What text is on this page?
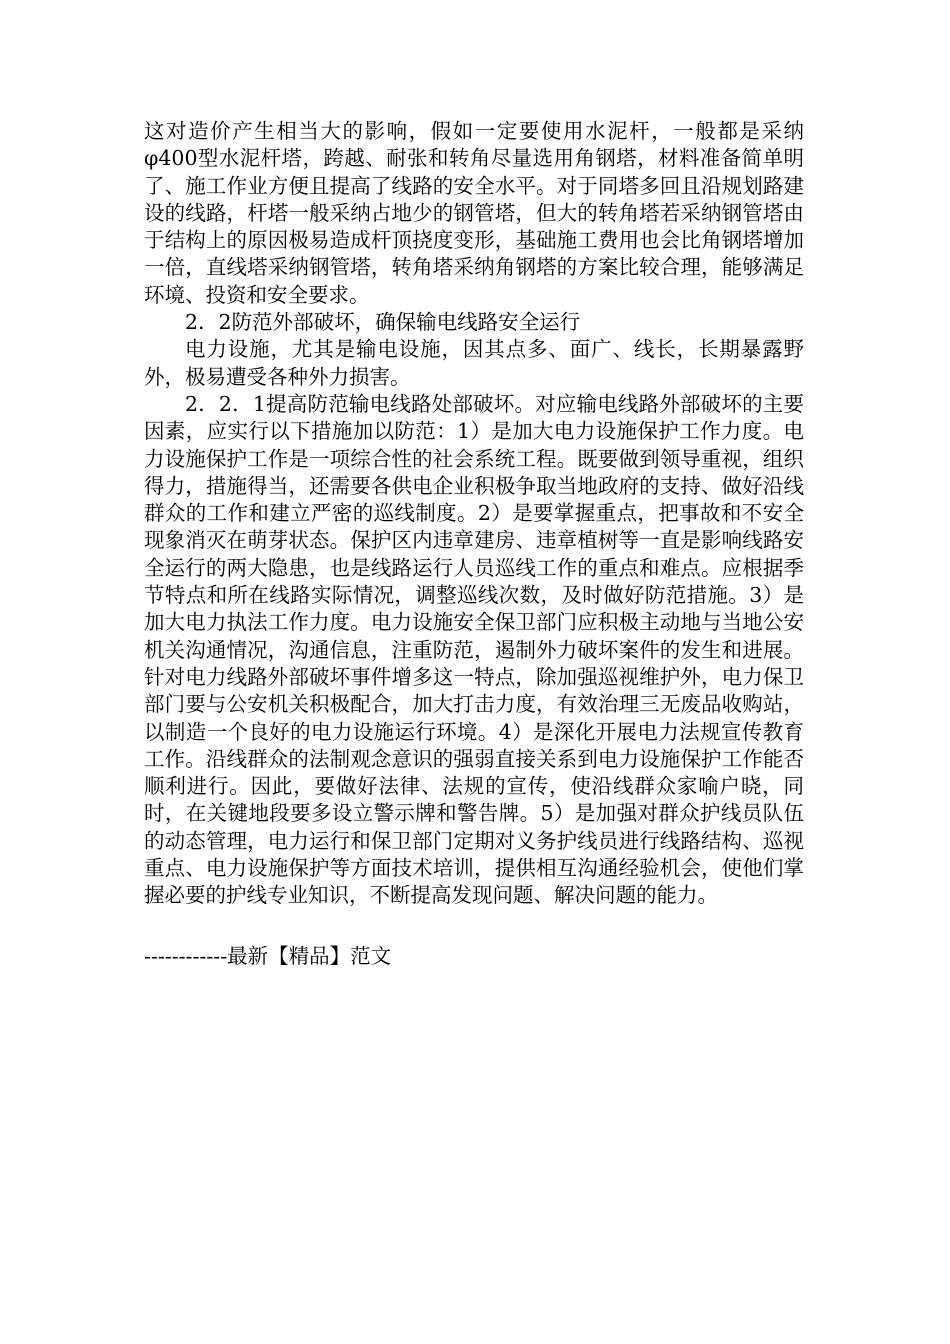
这对造价产生相当大的影响，假如一定要使用水泥杆，一般都是采纳φ400型水泥杆塔，跨越、耐张和转角尽量选用角钢塔，材料准备简单明了、施工作业方便且提高了线路的安全水平。对于同塔多回且沿规划路建设的线路，杆塔一般采纳占地少的钢管塔，但大的转角塔若采纳钢管塔由于结构上的原因极易造成杆顶挠度变形，基础施工费用也会比角钢塔增加一倍，直线塔采纳钢管塔，转角塔采纳角钢塔的方案比较合理，能够满足环境、投资和安全要求。

2．2防范外部破坏，确保输电线路安全运行

电力设施，尤其是输电设施，因其点多、面广、线长，长期暴露野外，极易遭受各种外力损害。

2．2．1提高防范输电线路处部破坏。对应输电线路外部破坏的主要因素，应实行以下措施加以防范：1）是加大电力设施保护工作力度。电力设施保护工作是一项综合性的社会系统工程。既要做到领导重视，组织得力，措施得当，还需要各供电企业积极争取当地政府的支持、做好沿线群众的工作和建立严密的巡线制度。2）是要掌握重点，把事故和不安全现象消灭在萌芽状态。保护区内违章建房、违章植树等一直是影响线路安全运行的两大隐患，也是线路运行人员巡线工作的重点和难点。应根据季节特点和所在线路实际情况，调整巡线次数，及时做好防范措施。3）是加大电力执法工作力度。电力设施安全保卫部门应积极主动地与当地公安机关沟通情况，沟通信息，注重防范，遏制外力破坏案件的发生和进展。针对电力线路外部破坏事件增多这一特点，除加强巡视维护外，电力保卫部门要与公安机关积极配合，加大打击力度，有效治理三无废品收购站，以制造一个良好的电力设施运行环境。4）是深化开展电力法规宣传教育工作。沿线群众的法制观念意识的强弱直接关系到电力设施保护工作能否顺利进行。因此，要做好法律、法规的宣传，使沿线群众家喻户晓，同时，在关键地段要多设立警示牌和警告牌。5）是加强对群众护线员队伍的动态管理，电力运行和保卫部门定期对义务护线员进行线路结构、巡视重点、电力设施保护等方面技术培训，提供相互沟通经验机会，使他们掌握必要的护线专业知识，不断提高发现问题、解决问题的能力。

------------最新【精品】范文
